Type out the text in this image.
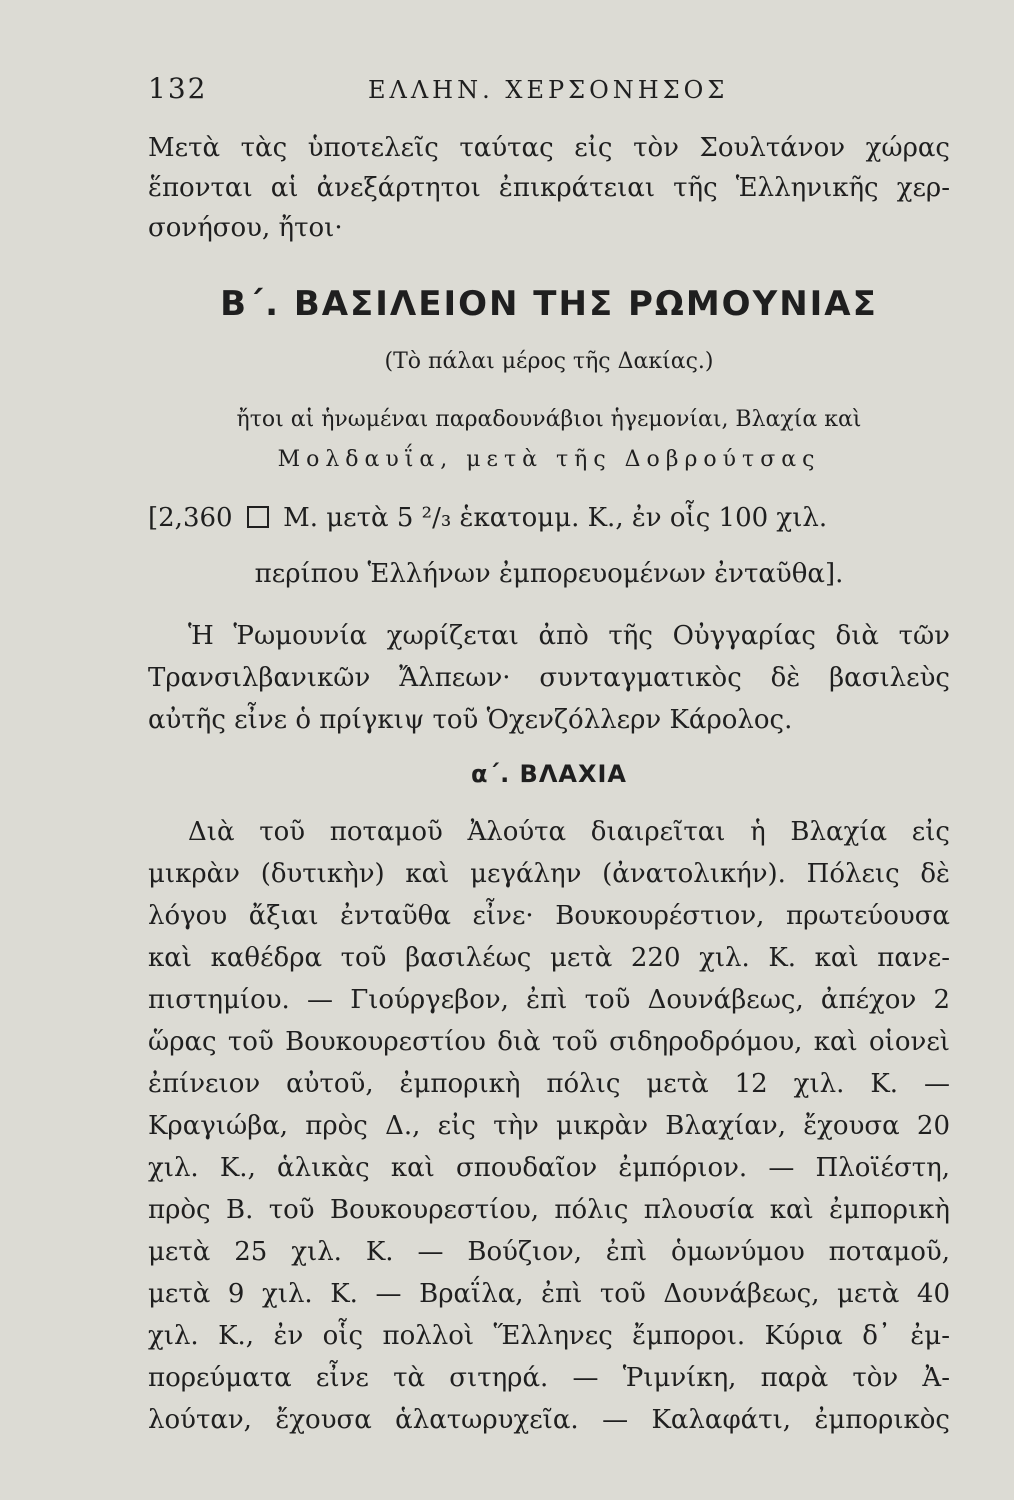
132	ΕΛΛΗΝ. ΧΕΡΣΟΝΗΣΟΣ
Μετὰ τὰς ὑποτελεῖς ταύτας εἰς τὸν Σουλτάνον χώρας
ἕπονται αἱ ἀνεξάρτητοι ἐπικράτειαι τῆς Ἑλληνικῆς χερ-
σονήσου, ἤτοι·
Β΄. ΒΑΣΙΛΕΙΟΝ ΤΗΣ ΡΩΜΟΥΝΙΑΣ
(Τὸ πάλαι μέρος τῆς Δακίας.)
ἤτοι αἱ ἡνωμέναι παραδουνάβιοι ἡγεμονίαι, Βλαχία καὶ
Μολδαυΐα, μετὰ τῆς Δοβρούτσας
[2,360 Μ. μετὰ 5 ²/₃ ἑκατομμ. Κ., ἐν οἷς 100 χιλ.
περίπου Ἑλλήνων ἐμπορευομένων ἐνταῦθα].
Ἡ Ῥωμουνία χωρίζεται ἀπὸ τῆς Οὐγγαρίας διὰ τῶν
Τρανσιλβανικῶν Ἄλπεων· συνταγματικὸς δὲ βασιλεὺς
αὐτῆς εἶνε ὁ πρίγκιψ τοῦ Ὁχενζόλλερν Κάρολος.
α΄. ΒΛΑΧΙΑ
Διὰ τοῦ ποταμοῦ Ἀλούτα διαιρεῖται ἡ Βλαχία εἰς
μικρὰν (δυτικὴν) καὶ μεγάλην (ἀνατολικήν). Πόλεις δὲ
λόγου ἄξιαι ἐνταῦθα εἶνε· Βουκουρέστιον, πρωτεύουσα
καὶ καθέδρα τοῦ βασιλέως μετὰ 220 χιλ. Κ. καὶ πανε-
πιστημίου. — Γιούργεβον, ἐπὶ τοῦ Δουνάβεως, ἀπέχον 2
ὥρας τοῦ Βουκουρεστίου διὰ τοῦ σιδηροδρόμου, καὶ οἱονεὶ
ἐπίνειον αὐτοῦ, ἐμπορικὴ πόλις μετὰ 12 χιλ. Κ. —
Κραγιώβα, πρὸς Δ., εἰς τὴν μικρὰν Βλαχίαν, ἔχουσα 20
χιλ. Κ., ἁλικὰς καὶ σπουδαῖον ἐμπόριον. — Πλοϊέστη,
πρὸς Β. τοῦ Βουκουρεστίου, πόλις πλουσία καὶ ἐμπορικὴ
μετὰ 25 χιλ. Κ. — Βούζιον, ἐπὶ ὁμωνύμου ποταμοῦ,
μετὰ 9 χιλ. Κ. — Βραΐλα, ἐπὶ τοῦ Δουνάβεως, μετὰ 40
χιλ. Κ., ἐν οἷς πολλοὶ Ἕλληνες ἔμποροι. Κύρια δ᾽ ἐμ-
πορεύματα εἶνε τὰ σιτηρά. — Ῥιμνίκη, παρὰ τὸν Ἀ-
λούταν, ἔχουσα ἁλατωρυχεῖα. — Καλαφάτι, ἐμπορικὸς
